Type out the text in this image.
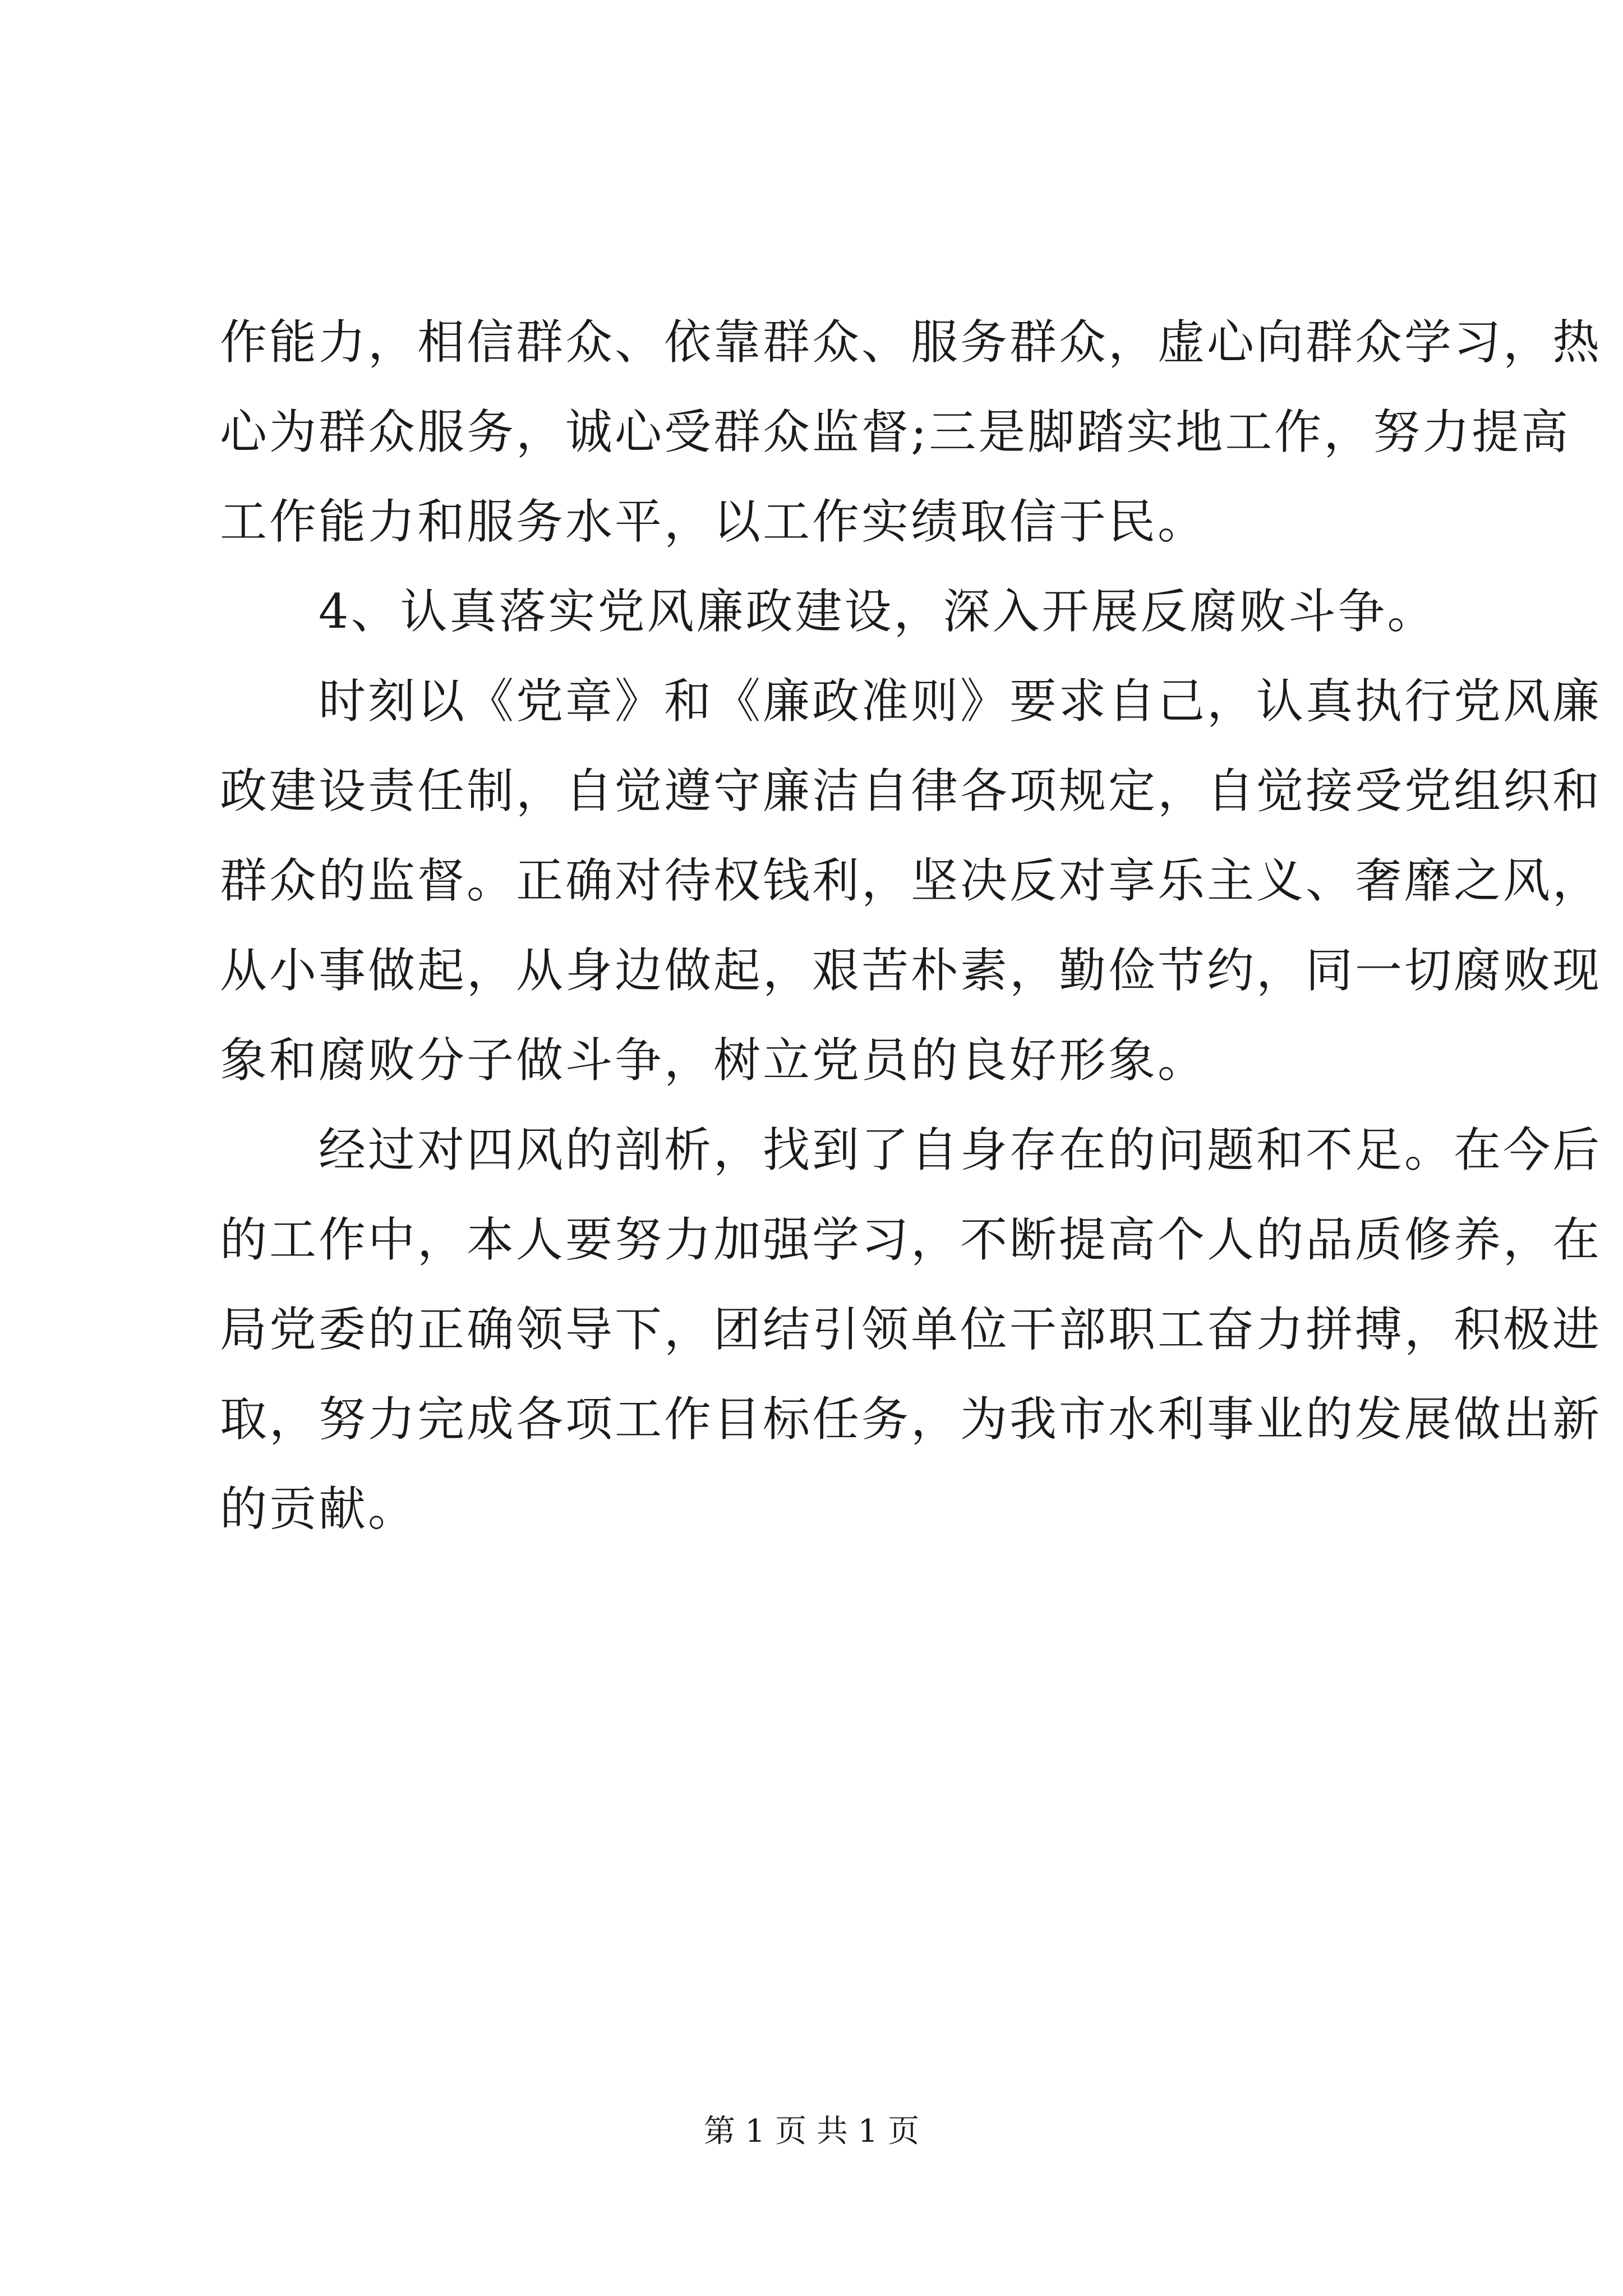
作能力，相信群众、依靠群众、服务群众，虚心向群众学习，热
心为群众服务，诚心受群众监督;三是脚踏实地工作，努力提高
工作能力和服务水平，以工作实绩取信于民。
　　4、认真落实党风廉政建设，深入开展反腐败斗争。
　　时刻以《党章》和《廉政准则》要求自己，认真执行党风廉
政建设责任制，自觉遵守廉洁自律各项规定，自觉接受党组织和
群众的监督。正确对待权钱利，坚决反对享乐主义、奢靡之风，
从小事做起，从身边做起，艰苦朴素，勤俭节约，同一切腐败现
象和腐败分子做斗争，树立党员的良好形象。
　　经过对四风的剖析，找到了自身存在的问题和不足。在今后
的工作中，本人要努力加强学习，不断提高个人的品质修养，在
局党委的正确领导下，团结引领单位干部职工奋力拼搏，积极进
取，努力完成各项工作目标任务，为我市水利事业的发展做出新
的贡献。
第 1 页 共 1 页
